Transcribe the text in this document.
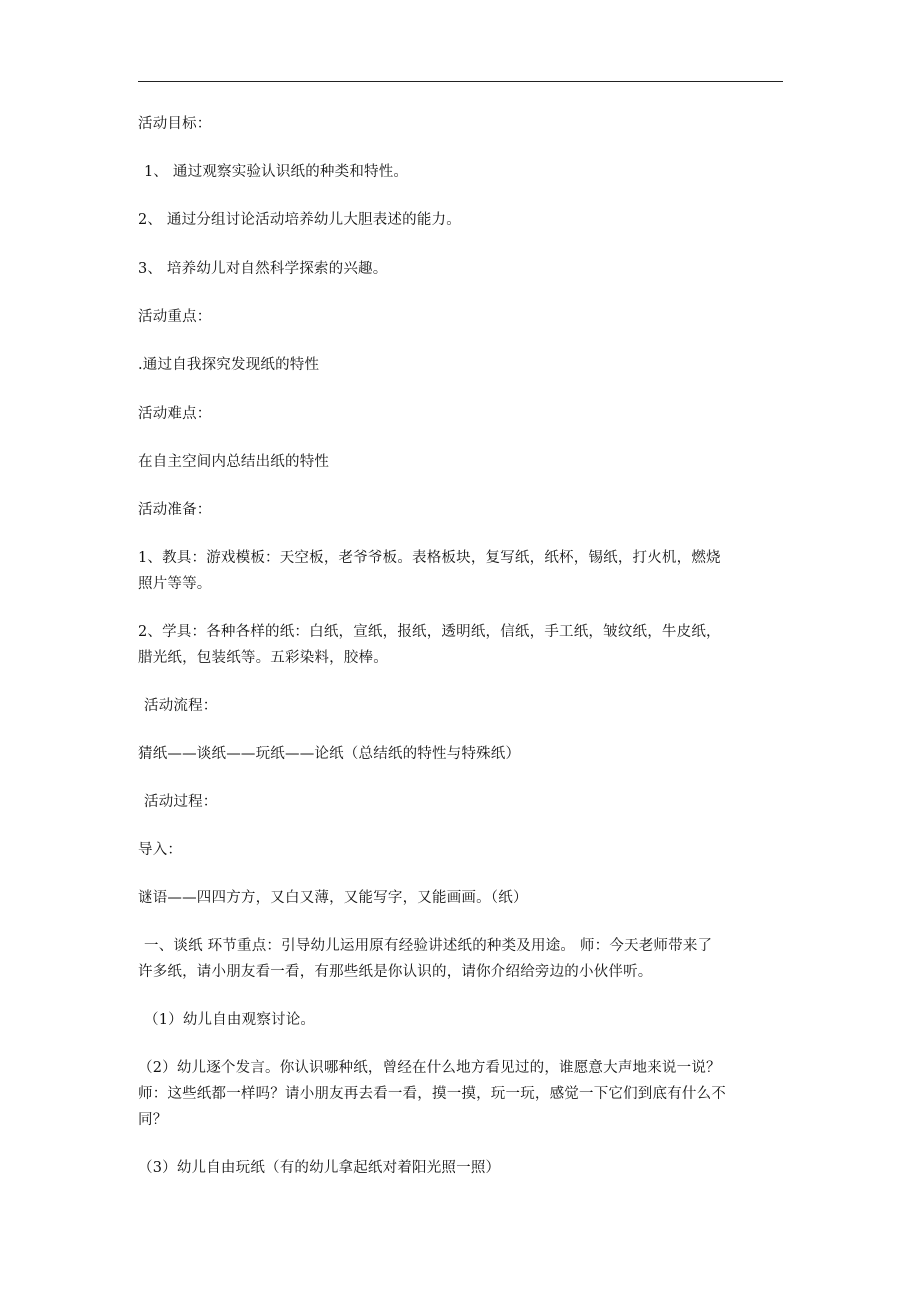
活动目标：
1、 通过观察实验认识纸的种类和特性。
2、 通过分组讨论活动培养幼儿大胆表述的能力。
3、 培养幼儿对自然科学探索的兴趣。
活动重点：
.通过自我探究发现纸的特性
活动难点：
在自主空间内总结出纸的特性
活动准备：
1、教具：游戏模板：天空板，老爷爷板。表格板块，复写纸，纸杯，锡纸，打火机，燃烧
照片等等。
2、学具：各种各样的纸：白纸，宣纸，报纸，透明纸，信纸，手工纸，皱纹纸，牛皮纸，
腊光纸，包装纸等。五彩染料，胶棒。
活动流程：
猜纸——谈纸——玩纸——论纸（总结纸的特性与特殊纸）
活动过程：
导入：
谜语——四四方方，又白又薄，又能写字，又能画画。（纸）
一、谈纸 环节重点：引导幼儿运用原有经验讲述纸的种类及用途。 师：今天老师带来了
许多纸，请小朋友看一看，有那些纸是你认识的，请你介绍给旁边的小伙伴听。
（1）幼儿自由观察讨论。
（2）幼儿逐个发言。你认识哪种纸，曾经在什么地方看见过的，谁愿意大声地来说一说？
师：这些纸都一样吗？请小朋友再去看一看，摸一摸，玩一玩，感觉一下它们到底有什么不
同？
（3）幼儿自由玩纸（有的幼儿拿起纸对着阳光照一照）
